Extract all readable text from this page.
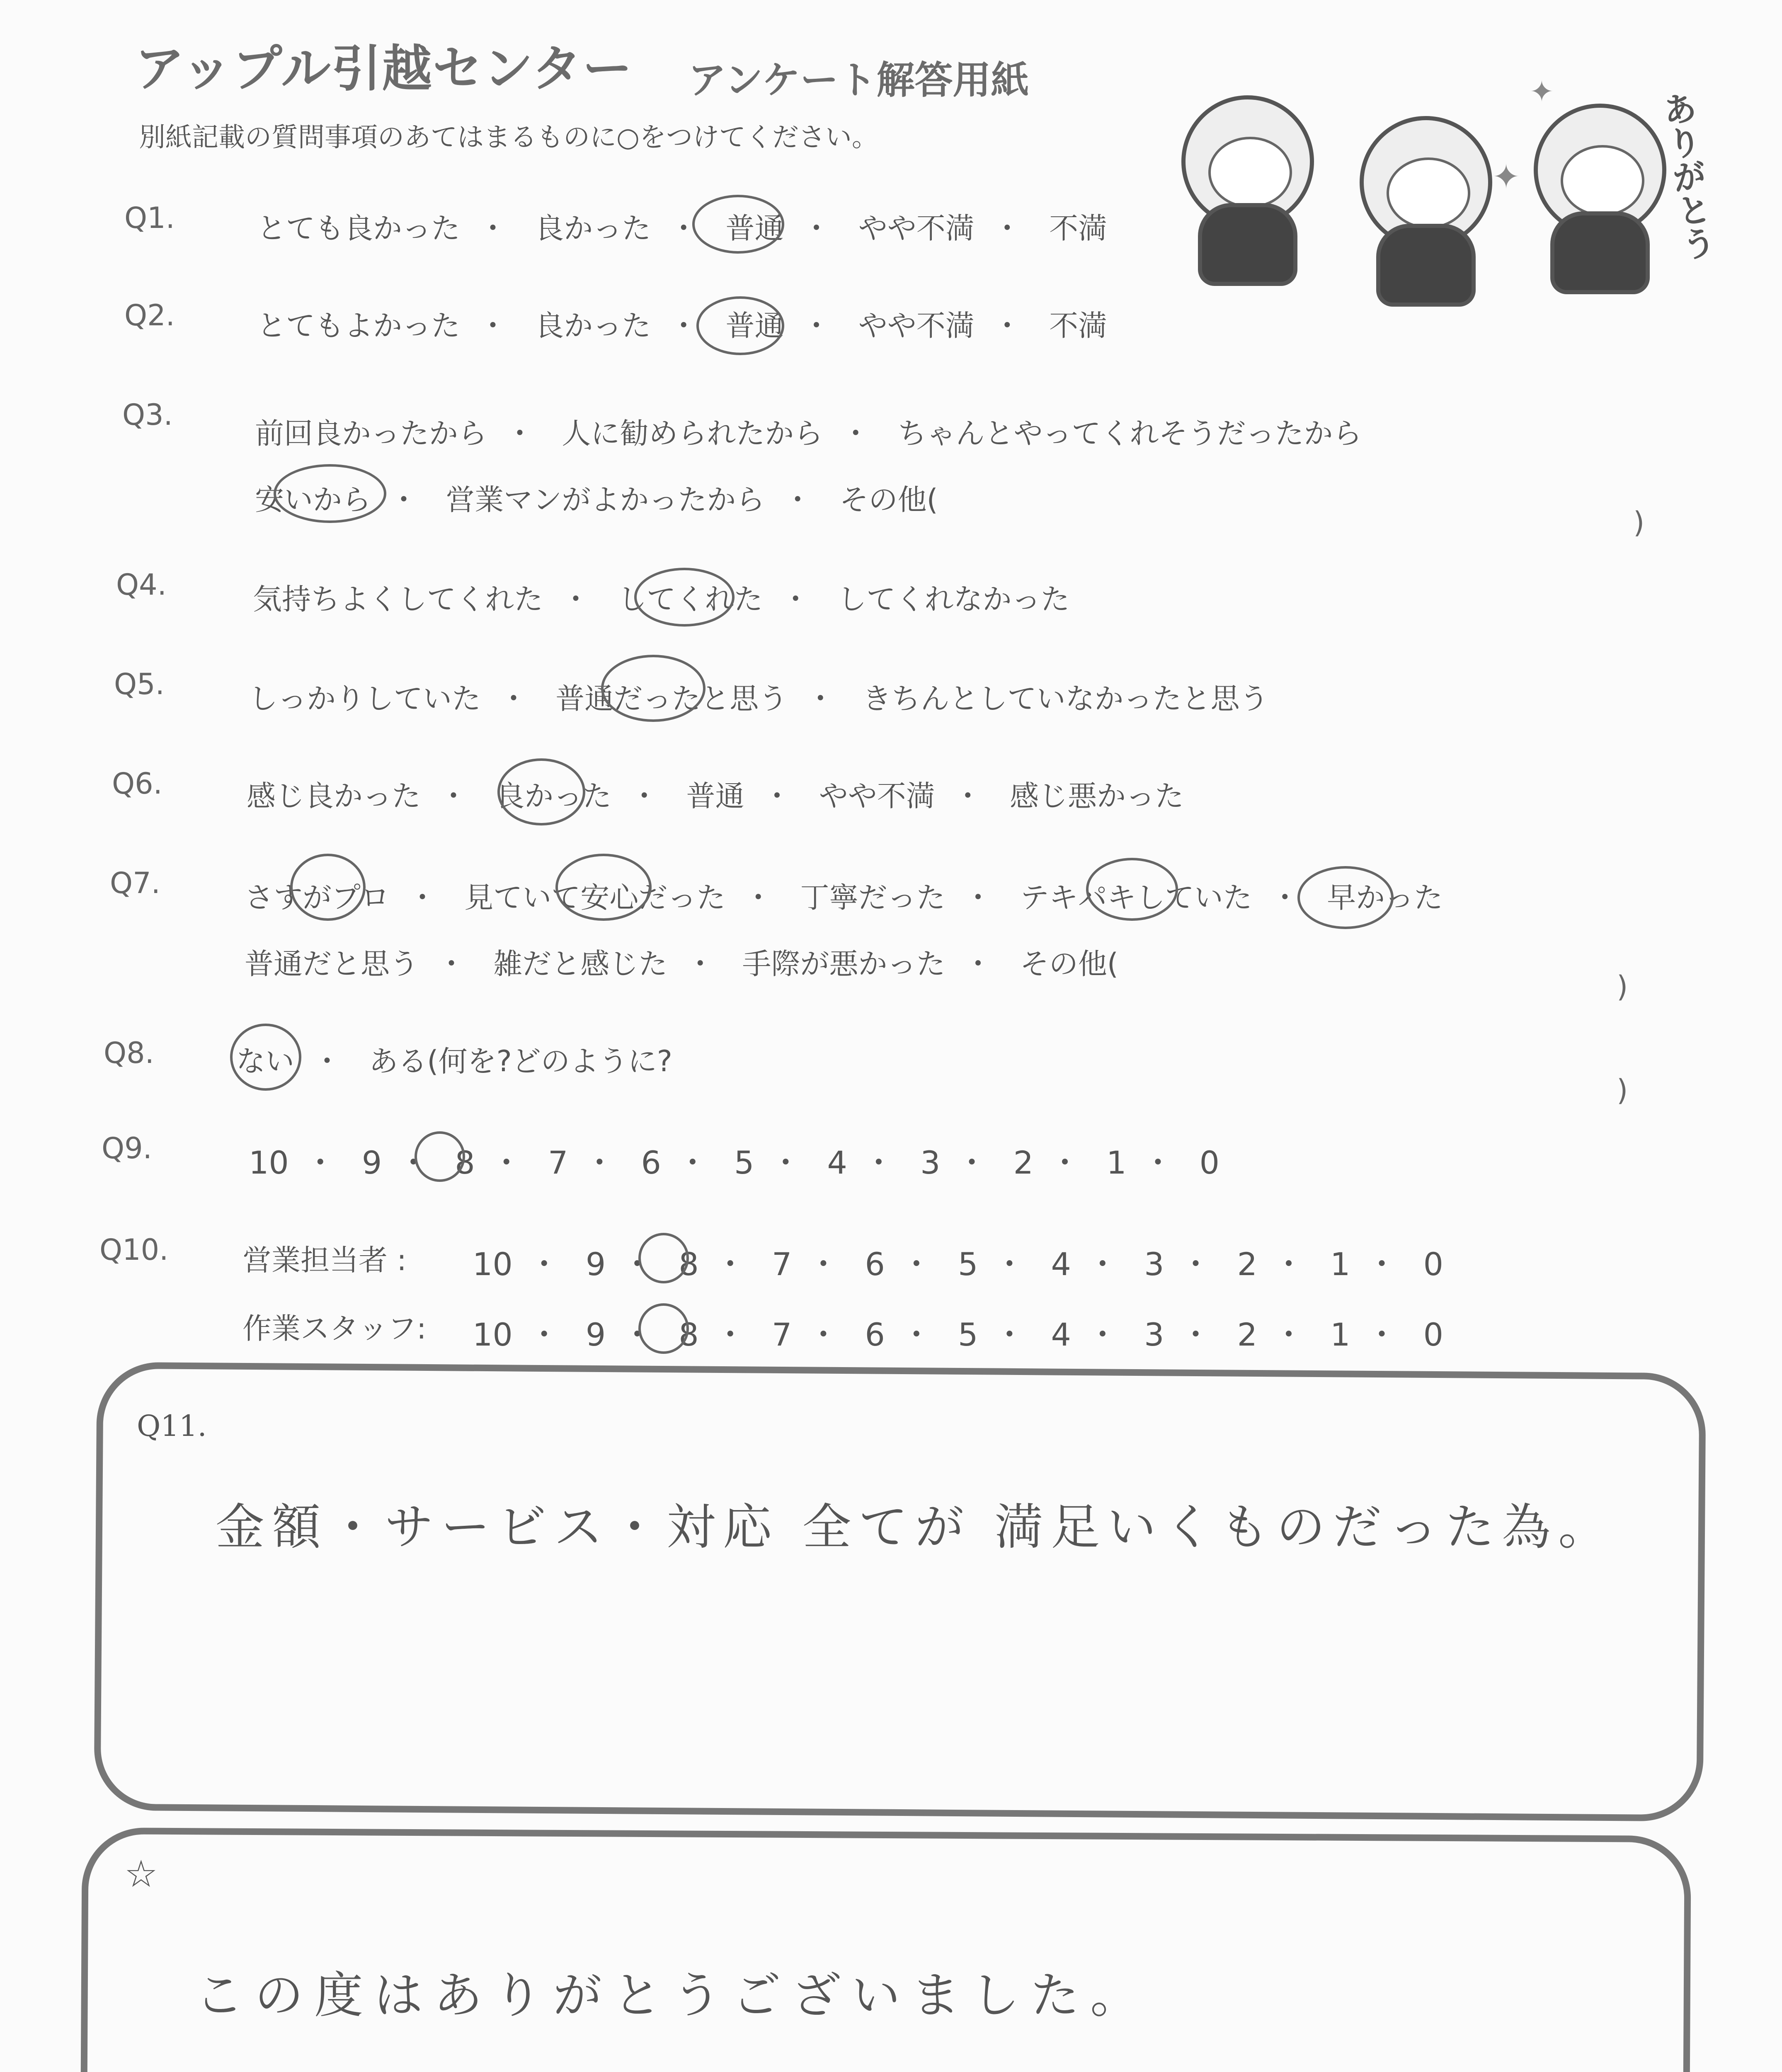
アップル引越センター アンケート解答用紙
別紙記載の質問事項のあてはまるものに○をつけてください。
✦
✦	ありがとう
Q1.	とても良かった ・ 良かった ・ 普通 ・ やや不満 ・ 不満
Q2.	とてもよかった ・ 良かった ・ 普通 ・ やや不満 ・ 不満
Q3.
前回良かったから ・ 人に勧められたから ・ ちゃんとやってくれそうだったから
安いから ・ 営業マンがよかったから ・ その他(
)
Q4.	気持ちよくしてくれた ・ してくれた ・ してくれなかった
Q5.	しっかりしていた ・ 普通だったと思う ・ きちんとしていなかったと思う
Q6.	感じ良かった ・ 良かった ・ 普通 ・ やや不満 ・ 感じ悪かった
Q7.	さすがプロ ・ 見ていて安心だった ・ 丁寧だった ・ テキパキしていた ・ 早かった
普通だと思う ・ 雑だと感じた ・ 手際が悪かった ・ その他(
)
Q8.	ない ・ ある(何を?どのように?
)
Q9.	10 ・ 9 ・ 8 ・ 7 ・ 6 ・ 5 ・ 4 ・ 3 ・ 2 ・ 1 ・ 0
Q10.	営業担当者 : 10 ・ 9 ・ 8 ・ 7 ・ 6 ・ 5 ・ 4 ・ 3 ・ 2 ・ 1 ・ 0
作業スタッフ: 10 ・ 9 ・ 8 ・ 7 ・ 6 ・ 5 ・ 4 ・ 3 ・ 2 ・ 1 ・ 0
Q11.
金額・サービス・対応 全てが 満足いくものだった為。
☆
この度はありがとうございました。
